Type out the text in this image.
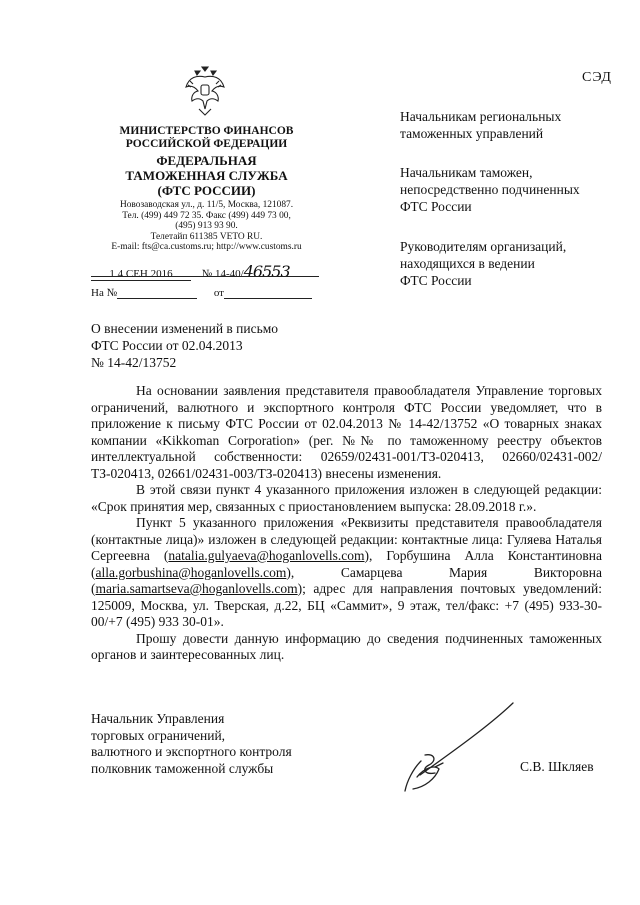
СЭД
МИНИСТЕРСТВО ФИНАНСОВ
РОССИЙСКОЙ ФЕДЕРАЦИИ
ФЕДЕРАЛЬНАЯ
ТАМОЖЕННАЯ СЛУЖБА
(ФТС РОССИИ)
Новозаводская ул., д. 11/5, Москва, 121087.
Тел. (499) 449 72 35. Факс (499) 449 73 00,
(495) 913 93 90.
Телетайп 611385 VETO RU.
E-mail: fts@ca.customs.ru; http://www.customs.ru
1 4 СЕН 2016	№ 14-40/46553
На №	от
Начальникам региональных
таможенных управлений
Начальникам таможен,
непосредственно подчиненных
ФТС России
Руководителям организаций,
находящихся в ведении
ФТС России
О внесении изменений в письмо
ФТС России от 02.04.2013
№ 14-42/13752

На основании заявления представителя правообладателя Управление торговых ограничений, валютного и экспортного контроля ФТС России уведомляет, что в приложение к письму ФТС России от 02.04.2013 № 14-42/13752 «О товарных знаках компании «Kikkoman Corporation» (рег. №№ по таможенному реестру объектов интеллектуальной собственности: 02659/02431-001/ТЗ-020413, 02660/02431-002/ТЗ-020413, 02661/02431-003/ТЗ-020413) внесены изменения.

В этой связи пункт 4 указанного приложения изложен в следующей редакции: «Срок принятия мер, связанных с приостановлением выпуска: 28.09.2018 г.».

Пункт 5 указанного приложения «Реквизиты представителя правообладателя (контактные лица)» изложен в следующей редакции: контактные лица: Гуляева Наталья Сергеевна (natalia.gulyaeva@hoganlovells.com), Горбушина Алла Константиновна (alla.gorbushina@hoganlovells.com), Самарцева Мария Викторовна (maria.samartseva@hoganlovells.com); адрес для направления почтовых уведомлений: 125009, Москва, ул. Тверская, д.22, БЦ «Саммит», 9 этаж, тел/факс: +7 (495) 933-30-00/+7 (495) 933 30-01».

Прошу довести данную информацию до сведения подчиненных таможенных органов и заинтересованных лиц.

Начальник Управления
торговых ограничений,
валютного и экспортного контроля
полковник таможенной службы	С.В. Шкляев
